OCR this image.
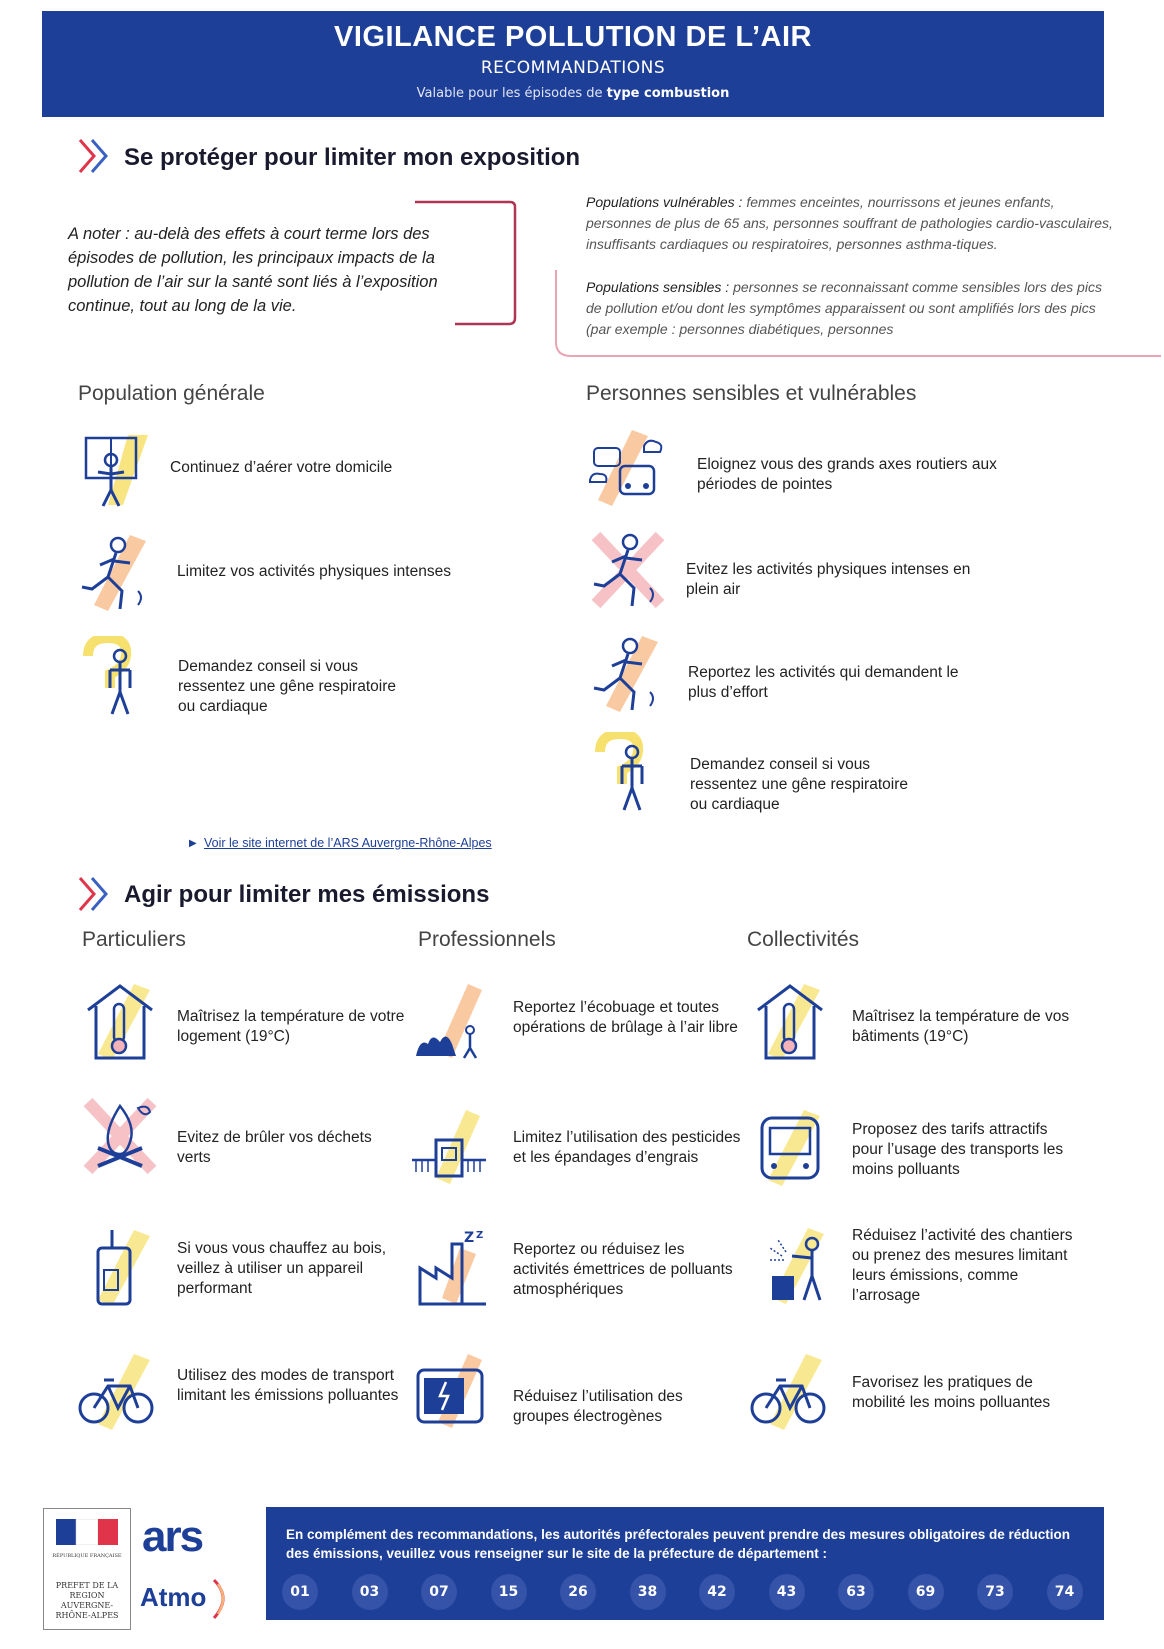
VIGILANCE POLLUTION DE L’AIR
RECOMMANDATIONS
Valable pour les épisodes de type combustion
Se protéger pour limiter mon exposition
A noter : au-delà des effets à court terme lors des épisodes de pollution, les principaux impacts de la pollution de l’air sur la santé sont liés à l’exposition continue, tout au long de la vie.
Populations vulnérables : femmes enceintes, nourrissons et jeunes enfants, personnes de plus de 65 ans, personnes souffrant de pathologies cardio-vasculaires, insuffisants cardiaques ou respiratoires, personnes asthma-tiques.
Populations sensibles : personnes se reconnaissant comme sensibles lors des pics de pollution et/ou dont les symptômes apparaissent ou sont amplifiés lors des pics (par exemple : personnes diabétiques, personnes
Population générale	Personnes sensibles et vulnérables
Continuez d’aérer votre domicile
Limitez vos activités physiques intenses
Demandez conseil si vous ressentez une gêne respiratoire ou cardiaque
Eloignez vous des grands axes routiers aux périodes de pointes
Evitez les activités physiques intenses en plein air
Reportez les activités qui demandent le plus d’effort
Demandez conseil si vous ressentez une gêne respiratoire ou cardiaque
▶ Voir le site internet de l’ARS Auvergne-Rhône-Alpes
Agir pour limiter mes émissions
Particuliers	Professionnels	Collectivités
Maîtrisez la température de votre logement (19°C)
Evitez de brûler vos déchets verts
Si vous vous chauffez au bois, veillez à utiliser un appareil performant
Utilisez des modes de transport limitant les émissions polluantes
Reportez l’écobuage et toutes opérations de brûlage à l’air libre
Limitez l’utilisation des pesticides et les épandages d’engrais
Z Z
Reportez ou réduisez les activités émettrices de polluants atmosphériques
Réduisez l’utilisation des groupes électrogènes
Maîtrisez la température de vos bâtiments (19°C)
Proposez des tarifs attractifs pour l’usage des transports les moins polluants
Réduisez l’activité des chantiers ou prenez des mesures limitant leurs émissions, comme l’arrosage
Favorisez les pratiques de mobilité les moins polluantes
RÉPUBLIQUE FRANÇAISE
PREFET DE LA REGION AUVERGNE-RHÔNE-ALPES
ars
Atmo
En complément des recommandations, les autorités préfectorales peuvent prendre des mesures obligatoires de réduction des émissions, veuillez vous renseigner sur le site de la préfecture de département :
01	03	07	15	26	38	42	43	63	69	73	74
